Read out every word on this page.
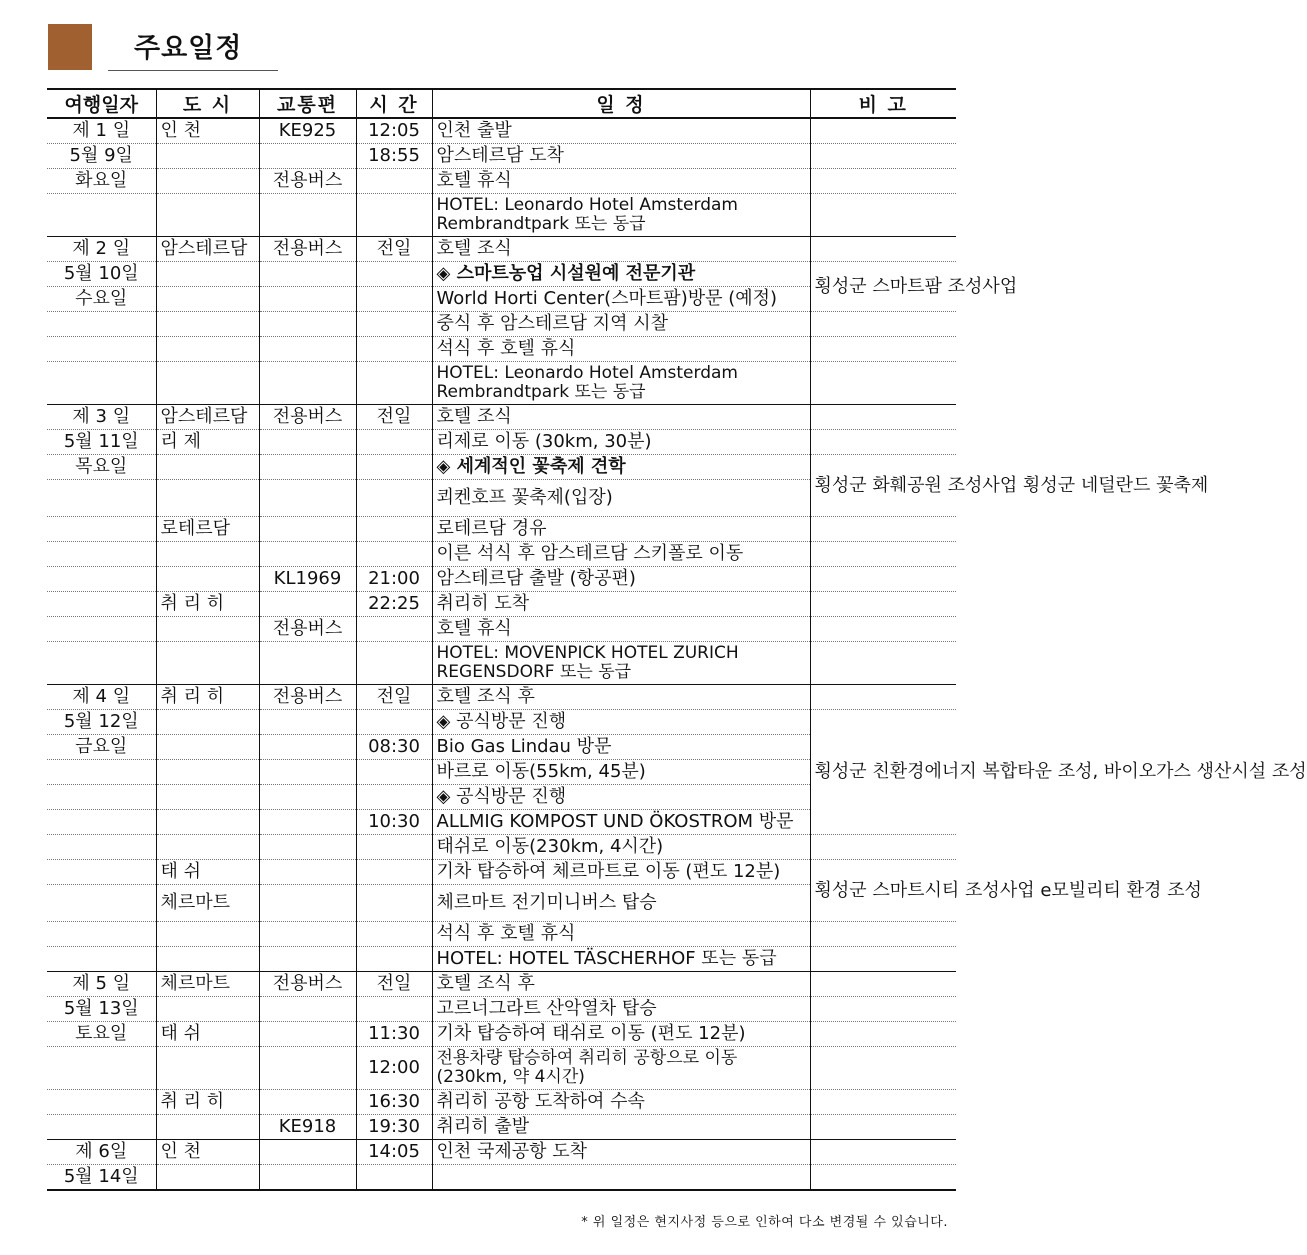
주요일정
여행일자	도 시	교통편	시 간	일 정	비 고
제 1 일	인 천	KE925	12:05	인천 출발	
5월 9일			18:55	암스테르담 도착	
화요일		전용버스		호텔 휴식	
				HOTEL: Leonardo Hotel Amsterdam Rembrandtpark 또는 동급	
제 2 일	암스테르담	전용버스	전일	호텔 조식	
5월 10일				◈ 스마트농업 시설원예 전문기관	횡성군 스마트팜 조성사업
수요일				World Horti Center(스마트팜)방문 (예정)	
				중식 후 암스테르담 지역 시찰	
				석식 후 호텔 휴식	
				HOTEL: Leonardo Hotel Amsterdam Rembrandtpark 또는 동급	
제 3 일	암스테르담	전용버스	전일	호텔 조식	
5월 11일	리 제			리제로 이동 (30km, 30분)	
목요일				◈ 세계적인 꽃축제 견학	횡성군 화훼공원 조성사업 횡성군 네덜란드 꽃축제
				쾨켄호프 꽃축제(입장)	
	로테르담			로테르담 경유	
				이른 석식 후 암스테르담 스키폴로 이동	
		KL1969	21:00	암스테르담 출발 (항공편)	
	취 리 히		22:25	취리히 도착	
		전용버스		호텔 휴식	
				HOTEL: MOVENPICK HOTEL ZURICH REGENSDORF 또는 동급	
제 4 일	취 리 히	전용버스	전일	호텔 조식 후	
5월 12일				◈ 공식방문 진행	횡성군 친환경에너지 복합타운 조성, 바이오가스 생산시설 조성
금요일			08:30	Bio Gas Lindau 방문	
				바르로 이동(55km, 45분)	
				◈ 공식방문 진행	
			10:30	ALLMIG KOMPOST UND ÖKOSTROM 방문	
				태쉬로 이동(230km, 4시간)	
	태 쉬			기차 탑승하여 체르마트로 이동 (편도 12분)	횡성군 스마트시티 조성사업 e모빌리티 환경 조성
	체르마트			체르마트 전기미니버스 탑승	
				석식 후 호텔 휴식	
				HOTEL: HOTEL TÄSCHERHOF 또는 동급	
제 5 일	체르마트	전용버스	전일	호텔 조식 후	
5월 13일				고르너그라트 산악열차 탑승	
토요일	태 쉬		11:30	기차 탑승하여 태쉬로 이동 (편도 12분)	
			12:00	전용차량 탑승하여 취리히 공항으로 이동 (230km, 약 4시간)	
	취 리 히		16:30	취리히 공항 도착하여 수속	
		KE918	19:30	취리히 출발	
제 6일	인 천		14:05	인천 국제공항 도착	
5월 14일					
* 위 일정은 현지사정 등으로 인하여 다소 변경될 수 있습니다.
